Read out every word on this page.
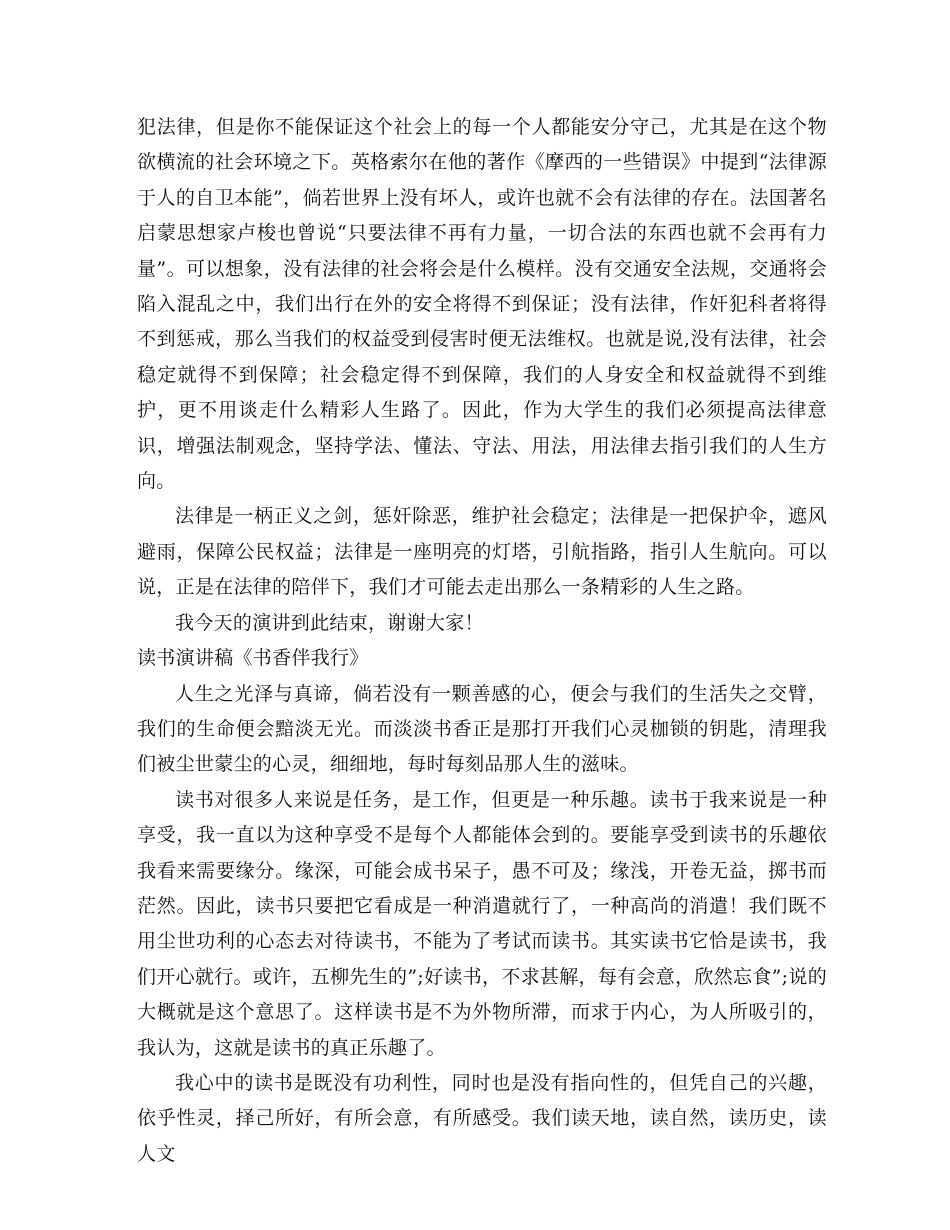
犯法律，但是你不能保证这个社会上的每一个人都能安分守己，尤其是在这个物欲横流的社会环境之下。英格索尔在他的著作《摩西的一些错误》中提到“法律源于人的自卫本能”，倘若世界上没有坏人，或许也就不会有法律的存在。法国著名启蒙思想家卢梭也曾说“只要法律不再有力量，一切合法的东西也就不会再有力量”。可以想象，没有法律的社会将会是什么模样。没有交通安全法规，交通将会陷入混乱之中，我们出行在外的安全将得不到保证；没有法律，作奸犯科者将得不到惩戒，那么当我们的权益受到侵害时便无法维权。也就是说,没有法律，社会稳定就得不到保障；社会稳定得不到保障，我们的人身安全和权益就得不到维护，更不用谈走什么精彩人生路了。因此，作为大学生的我们必须提高法律意识，增强法制观念，坚持学法、懂法、守法、用法，用法律去指引我们的人生方向。

法律是一柄正义之剑，惩奸除恶，维护社会稳定；法律是一把保护伞，遮风避雨，保障公民权益；法律是一座明亮的灯塔，引航指路，指引人生航向。可以说，正是在法律的陪伴下，我们才可能去走出那么一条精彩的人生之路。

我今天的演讲到此结束，谢谢大家！

读书演讲稿《书香伴我行》

人生之光泽与真谛，倘若没有一颗善感的心，便会与我们的生活失之交臂，我们的生命便会黯淡无光。而淡淡书香正是那打开我们心灵枷锁的钥匙，清理我们被尘世蒙尘的心灵，细细地，每时每刻品那人生的滋味。

读书对很多人来说是任务，是工作，但更是一种乐趣。读书于我来说是一种享受，我一直以为这种享受不是每个人都能体会到的。要能享受到读书的乐趣依我看来需要缘分。缘深，可能会成书呆子，愚不可及；缘浅，开卷无益，掷书而茫然。因此，读书只要把它看成是一种消遣就行了，一种高尚的消遣！我们既不用尘世功利的心态去对待读书，不能为了考试而读书。其实读书它恰是读书，我们开心就行。或许，五柳先生的”;好读书，不求甚解，每有会意，欣然忘食”;说的大概就是这个意思了。这样读书是不为外物所滞，而求于内心，为人所吸引的，我认为，这就是读书的真正乐趣了。

我心中的读书是既没有功利性，同时也是没有指向性的，但凭自己的兴趣，依乎性灵，择己所好，有所会意，有所感受。我们读天地，读自然，读历史，读人文
